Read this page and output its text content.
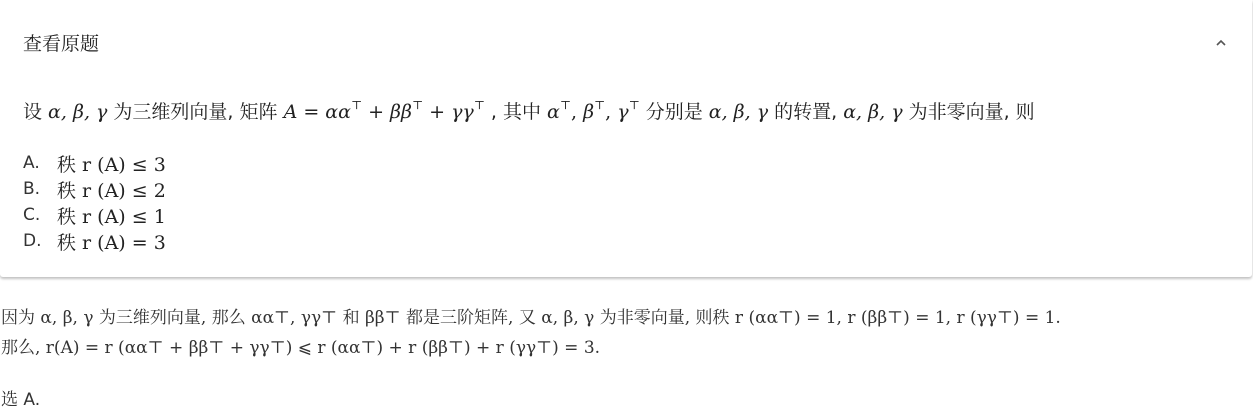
查看原题
设 α, β, γ 为三维列向量, 矩阵 A = αα⊤ + ββ⊤ + γγ⊤ , 其中 α⊤, β⊤, γ⊤ 分别是 α, β, γ 的转置, α, β, γ 为非零向量, 则
A. 秩 r (A) ≤ 3
B. 秩 r (A) ≤ 2
C. 秩 r (A) ≤ 1
D. 秩 r (A) = 3
因为 α, β, γ 为三维列向量, 那么 αα⊤, γγ⊤ 和 ββ⊤ 都是三阶矩阵, 又 α, β, γ 为非零向量, 则秩 r (αα⊤) = 1, r (ββ⊤) = 1, r (γγ⊤) = 1.
那么, r(A) = r (αα⊤ + ββ⊤ + γγ⊤) ⩽ r (αα⊤) + r (ββ⊤) + r (γγ⊤) = 3.
选 A.
